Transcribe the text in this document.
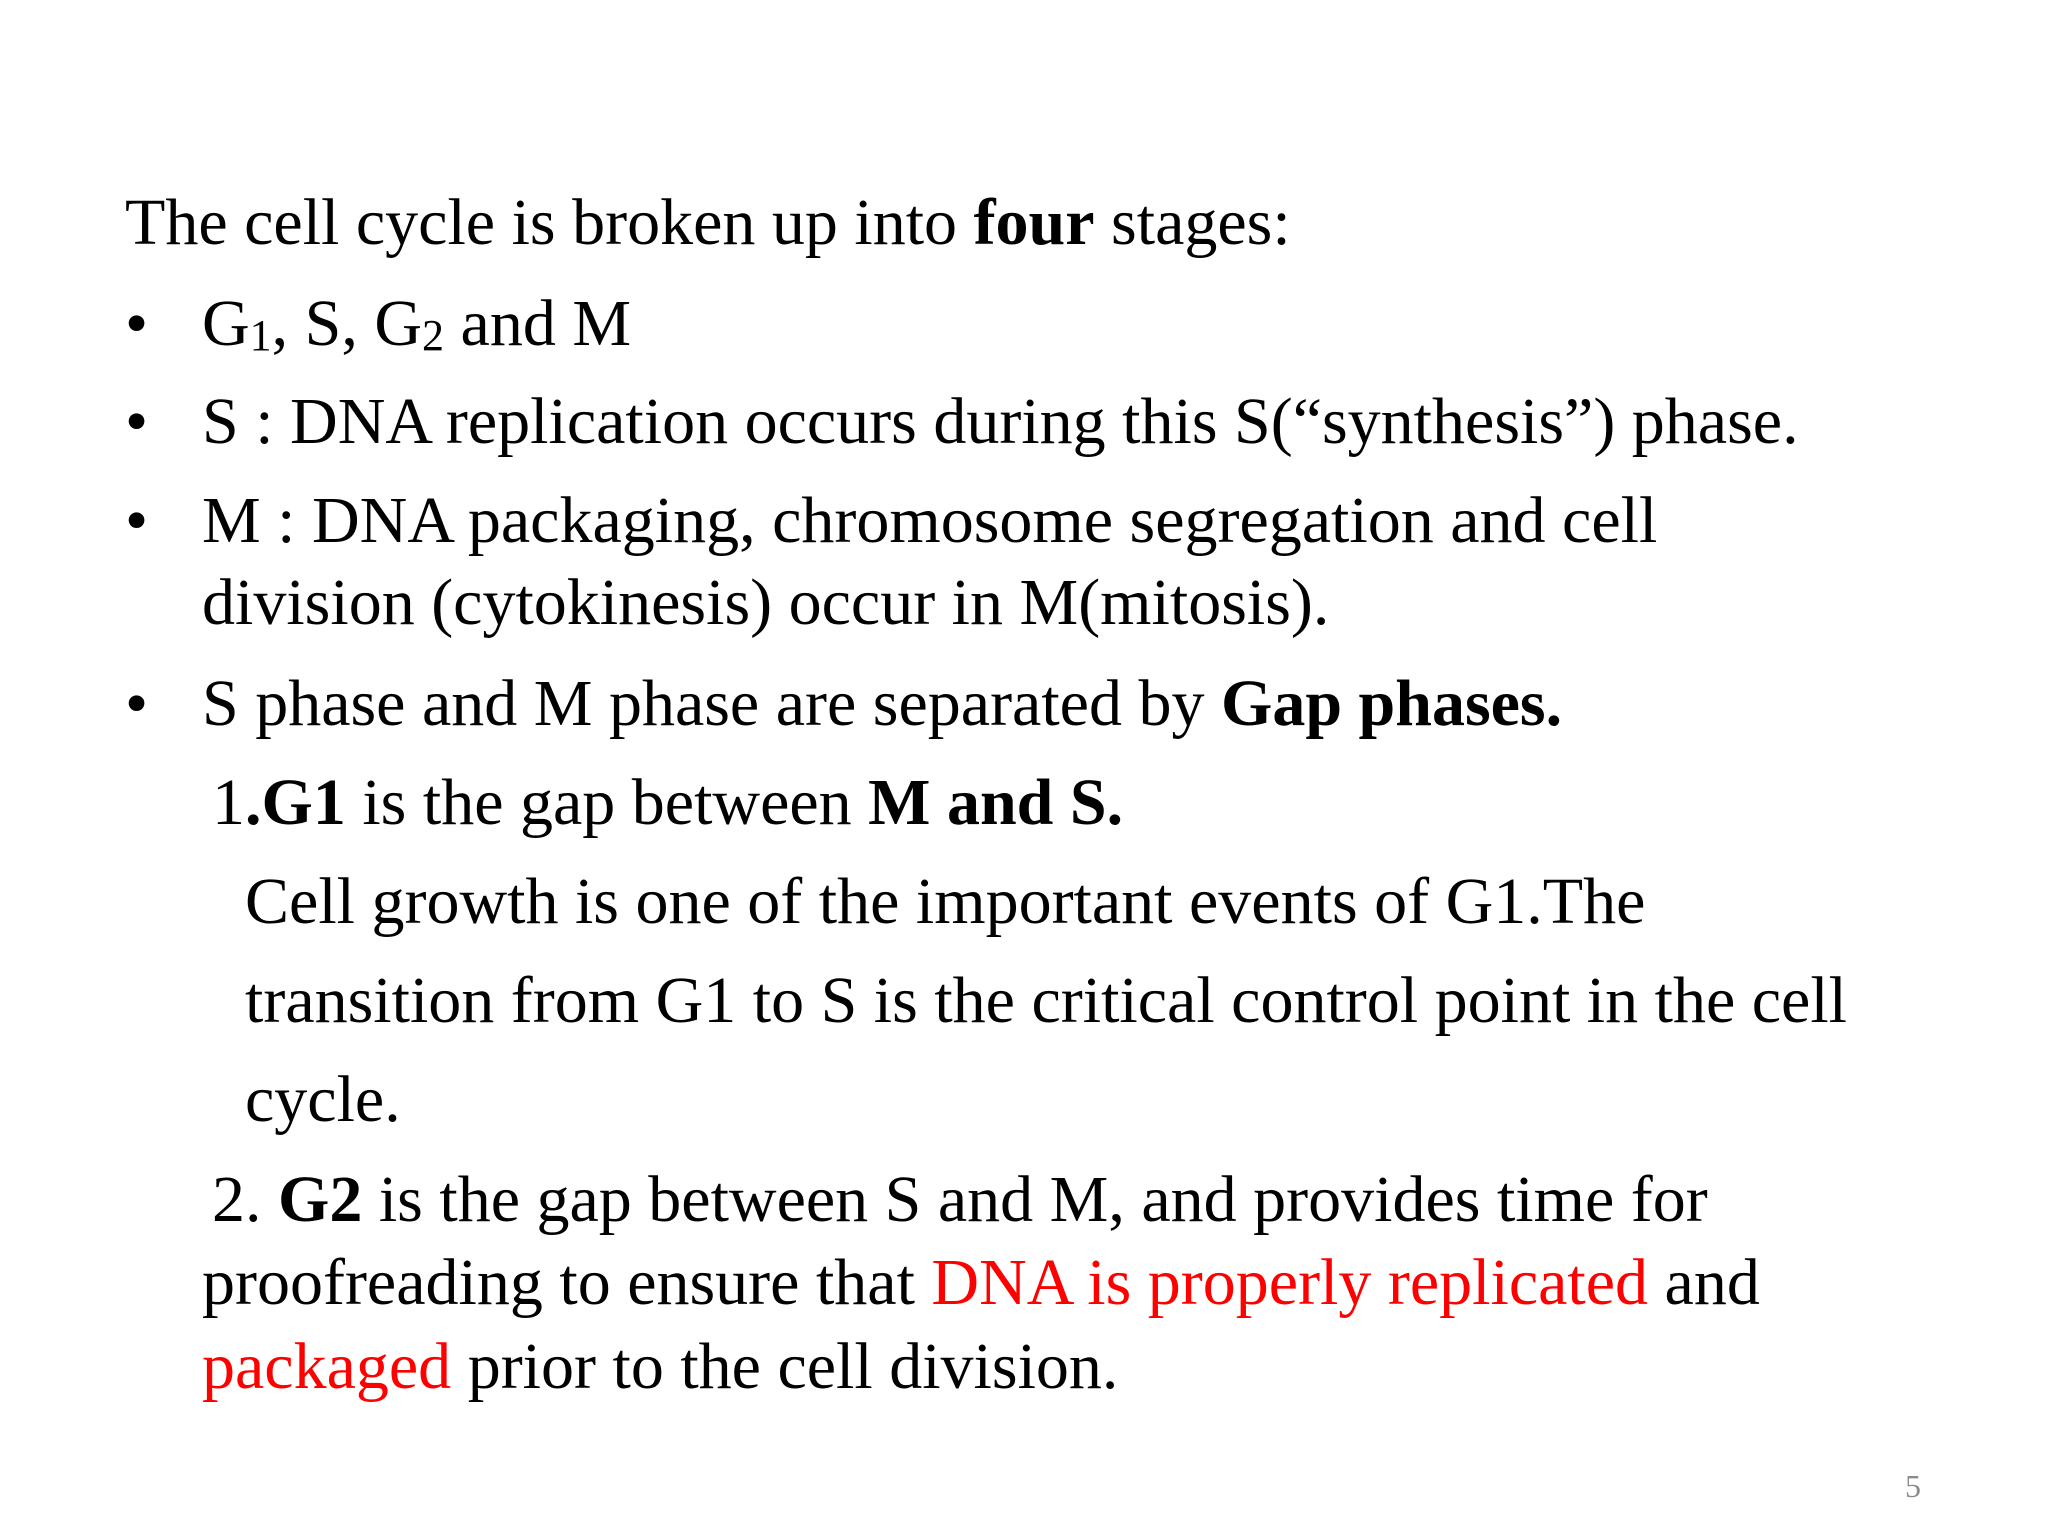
The cell cycle is broken up into four stages:
• $G_1$, S, $G_2$ and M
• S : DNA replication occurs during this S(“synthesis”) phase.
• M : DNA packaging, chromosome segregation and cell
division (cytokinesis) occur in M(mitosis).
• S phase and M phase are separated by Gap phases.
1.G1 is the gap between M and S.
Cell growth is one of the important events of G1.The
transition from G1 to S is the critical control point in the cell
cycle.
2. G2 is the gap between S and M, and provides time for
proofreading to ensure that DNA is properly replicated and
packaged prior to the cell division.
5
